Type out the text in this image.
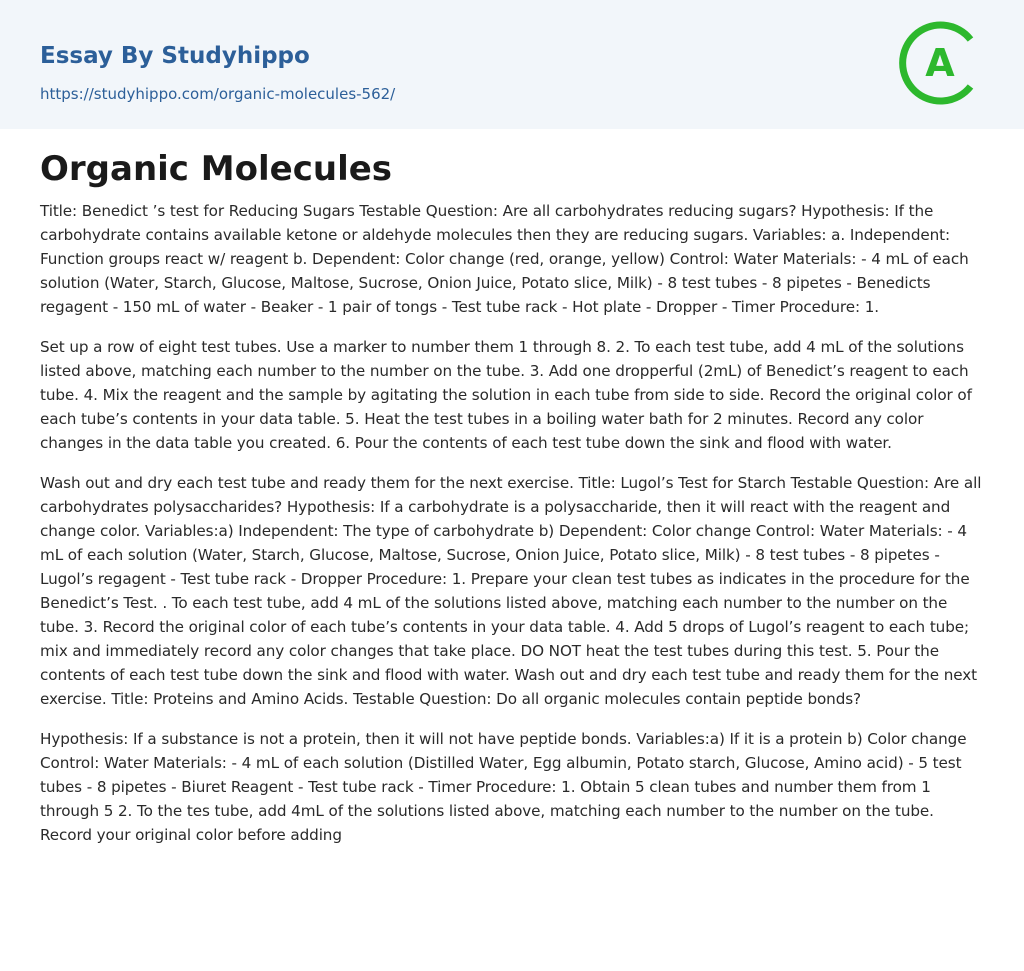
Essay By Studyhippo
https://studyhippo.com/organic-molecules-562/
A
Organic Molecules

Title: Benedict ’s test for Reducing Sugars Testable Question: Are all carbohydrates reducing sugars? Hypothesis: If the carbohydrate contains available ketone or aldehyde molecules then they are reducing sugars. Variables: a. Independent: Function groups react w/ reagent b. Dependent: Color change (red, orange, yellow) Control: Water Materials: - 4 mL of each solution (Water, Starch, Glucose, Maltose, Sucrose, Onion Juice, Potato slice, Milk) - 8 test tubes - 8 pipetes - Benedicts regagent - 150 mL of water - Beaker - 1 pair of tongs - Test tube rack - Hot plate - Dropper - Timer Procedure: 1.

Set up a row of eight test tubes. Use a marker to number them 1 through 8. 2. To each test tube, add 4 mL of the solutions listed above, matching each number to the number on the tube. 3. Add one dropperful (2mL) of Benedict’s reagent to each tube. 4. Mix the reagent and the sample by agitating the solution in each tube from side to side. Record the original color of each tube’s contents in your data table. 5. Heat the test tubes in a boiling water bath for 2 minutes. Record any color changes in the data table you created. 6. Pour the contents of each test tube down the sink and flood with water.

Wash out and dry each test tube and ready them for the next exercise. Title: Lugol’s Test for Starch Testable Question: Are all carbohydrates polysaccharides? Hypothesis: If a carbohydrate is a polysaccharide, then it will react with the reagent and change color. Variables:a) Independent: The type of carbohydrate b) Dependent: Color change Control: Water Materials: - 4 mL of each solution (Water, Starch, Glucose, Maltose, Sucrose, Onion Juice, Potato slice, Milk) - 8 test tubes - 8 pipetes - Lugol’s regagent - Test tube rack - Dropper Procedure: 1. Prepare your clean test tubes as indicates in the procedure for the Benedict’s Test. . To each test tube, add 4 mL of the solutions listed above, matching each number to the number on the tube. 3. Record the original color of each tube’s contents in your data table. 4. Add 5 drops of Lugol’s reagent to each tube; mix and immediately record any color changes that take place. DO NOT heat the test tubes during this test. 5. Pour the contents of each test tube down the sink and flood with water. Wash out and dry each test tube and ready them for the next exercise. Title: Proteins and Amino Acids. Testable Question: Do all organic molecules contain peptide bonds?

Hypothesis: If a substance is not a protein, then it will not have peptide bonds. Variables:a) If it is a protein b) Color change Control: Water Materials: - 4 mL of each solution (Distilled Water, Egg albumin, Potato starch, Glucose, Amino acid) - 5 test tubes - 8 pipetes - Biuret Reagent - Test tube rack - Timer Procedure: 1. Obtain 5 clean tubes and number them from 1 through 5 2. To the tes tube, add 4mL of the solutions listed above, matching each number to the number on the tube. Record your original color before adding
